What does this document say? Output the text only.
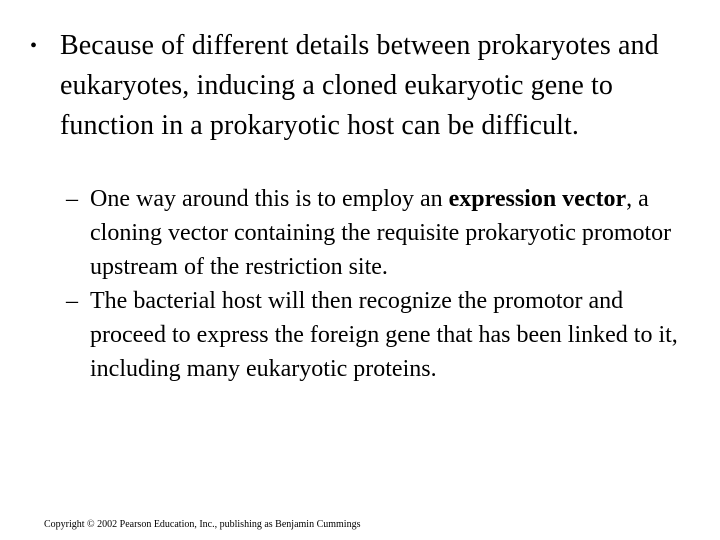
• Because of different details between prokaryotes and eukaryotes, inducing a cloned eukaryotic gene to function in a prokaryotic host can be difficult.
– One way around this is to employ an expression vector, a cloning vector containing the requisite prokaryotic promotor upstream of the restriction site.
– The bacterial host will then recognize the promotor and proceed to express the foreign gene that has been linked to it, including many eukaryotic proteins.
Copyright © 2002 Pearson Education, Inc., publishing as Benjamin Cummings
